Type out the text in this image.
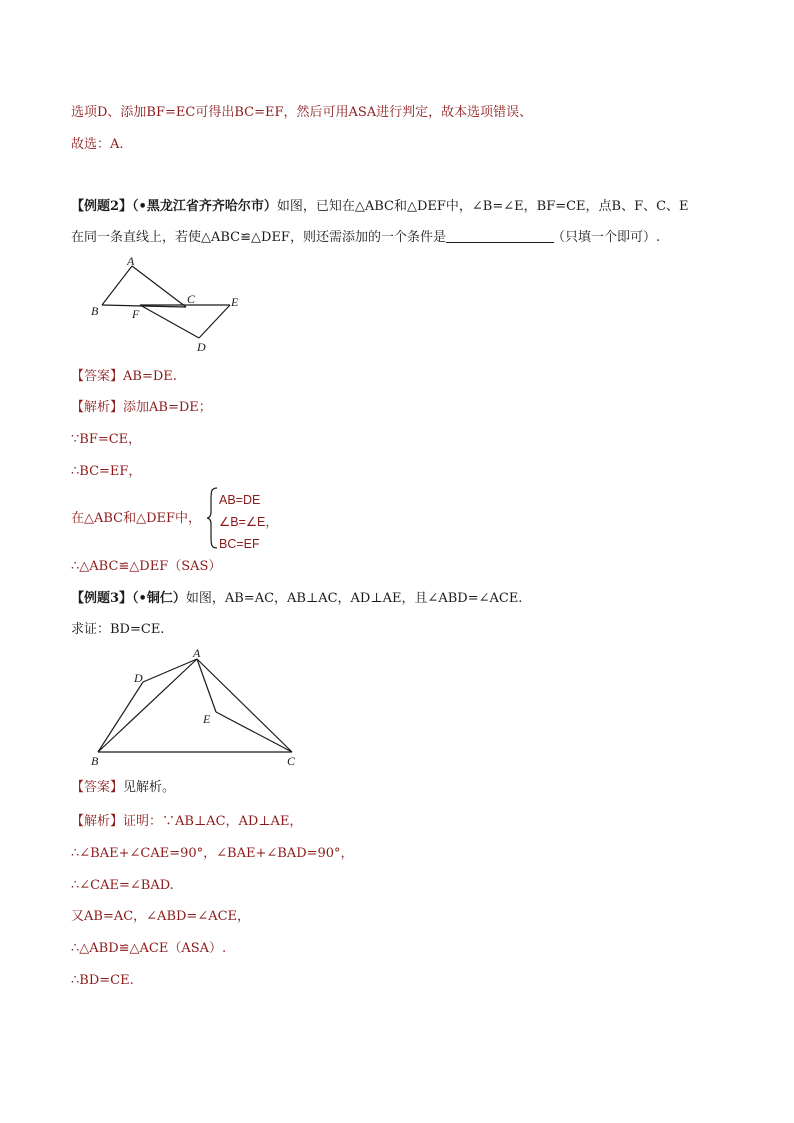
选项D、添加BF=EC可得出BC=EF，然后可用ASA进行判定，故本选项错误、
故选：A.
【例题2】（•黑龙江省齐齐哈尔市）如图，已知在△ABC和△DEF中，∠B=∠E，BF=CE，点B、F、C、E
在同一条直线上，若使△ABC≌△DEF，则还需添加的一个条件是	（只填一个即可）.
A
B	F
C	E
D
【答案】AB=DE.
【解析】添加AB=DE；
∵BF=CE，
∴BC=EF，
在△ABC和△DEF中，
AB=DE
∠B=∠E，
BC=EF
∴△ABC≌△DEF（SAS）
【例题3】（•铜仁）如图，AB=AC，AB⊥AC，AD⊥AE，且∠ABD=∠ACE.
求证：BD=CE.
A
D
E
B	C
【答案】见解析。
【解析】证明：∵AB⊥AC，AD⊥AE，
∴∠BAE+∠CAE=90°，∠BAE+∠BAD=90°，
∴∠CAE=∠BAD.
又AB=AC，∠ABD=∠ACE，
∴△ABD≌△ACE（ASA）.
∴BD=CE.
